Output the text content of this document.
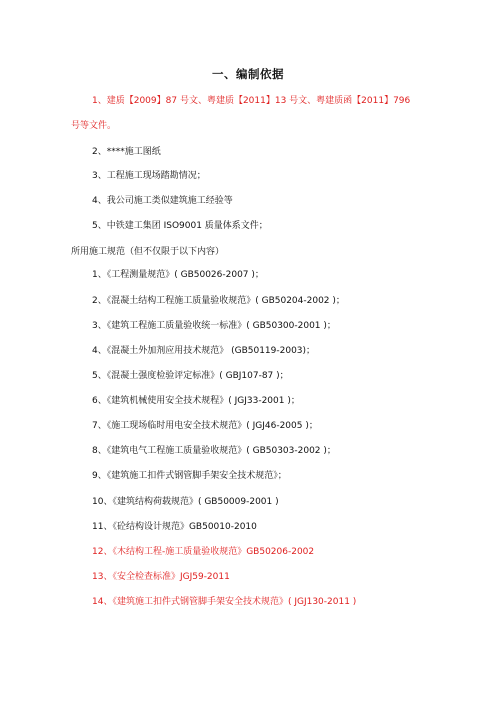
一、编制依据
1、建质【2009】87 号文、粤建质【2011】13 号文、粤建质函【2011】796
号等文件。
2、****施工图纸
3、工程施工现场踏勘情况；
4、我公司施工类似建筑施工经验等
5、中铁建工集团 ISO9001 质量体系文件；
所用施工规范（但不仅限于以下内容）
1、《工程测量规范》( GB50026-2007 )；
2、《混凝土结构工程施工质量验收规范》( GB50204-2002 )；
3、《建筑工程施工质量验收统一标准》( GB50300-2001 )；
4、《混凝土外加剂应用技术规范》 (GB50119-2003)；
5、《混凝土强度检验评定标准》( GBJ107-87 )；
6、《建筑机械使用安全技术规程》( JGJ33-2001 )；
7、《施工现场临时用电安全技术规范》( JGJ46-2005 )；
8、《建筑电气工程施工质量验收规范》( GB50303-2002 )；
9、《建筑施工扣件式钢管脚手架安全技术规范》；
10、《建筑结构荷载规范》( GB50009-2001 )
11、《砼结构设计规范》GB50010-2010
12、《木结构工程-施工质量验收规范》GB50206-2002
13、《安全检查标准》JGJ59-2011
14、《建筑施工扣件式钢管脚手架安全技术规范》( JGJ130-2011 )
